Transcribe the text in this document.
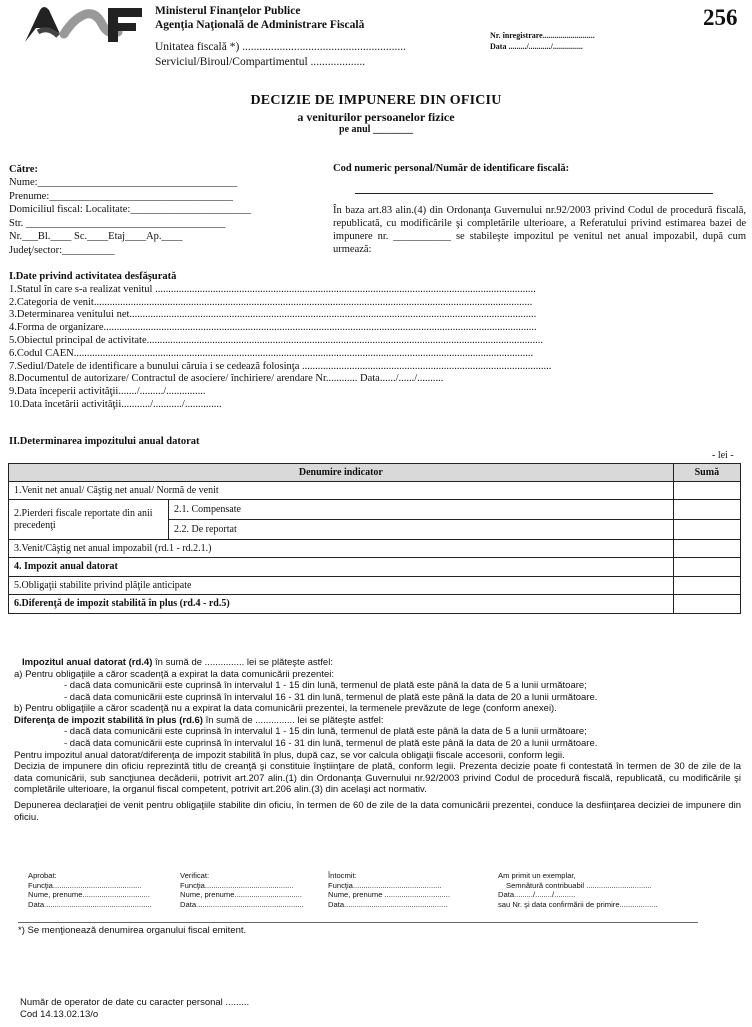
Ministerul Finanţelor Publice
Agenţia Naţională de Administrare Fiscală
Unitatea fiscală *) .........................................................
Serviciul/Biroul/Compartimentul ...................
Nr. înregistrare..........................
Data ........./.........../...............
256
DECIZIE DE IMPUNERE DIN OFICIU
a veniturilor persoanelor fizice
pe anul ________
Către:
Nume:______________________________________
Prenume:___________________________________
Domiciliul fiscal: Localitate:_______________________
Str. ______________________________________
Nr.___Bl.____ Sc.____Etaj____Ap.____
Judeţ/sector:__________
Cod numeric personal/Număr de identificare fiscală:
În baza art.83 alin.(4) din Ordonanţa Guvernului nr.92/2003 privind Codul de procedură fiscală, republicată, cu modificările şi completările ulterioare, a Referatului privind estimarea bazei de impunere nr. ___________ se stabileşte impozitul pe venitul net anual impozabil, după cum urmează:
I.Date privind activitatea desfăşurată
1.Statul în care s-a realizat venitul .................................................................................................................................................
2.Categoria de venit.......................................................................................................................................................................
3.Determinarea venitului net...........................................................................................................................................................
4.Forma de organizare.....................................................................................................................................................................
5.Obiectul principal de activitate.......................................................................................................................................................
6.Codul CAEN...............................................................................................................................................................................
7.Sediul/Datele de identificare a bunului căruia i se cedează folosinţa ...............................................................................................
8.Documentul de autorizare/ Contractul de asociere/ închiriere/ arendare Nr............ Data....../....../..........
9.Data începerii activităţii......./........./...............
10.Data încetării activităţii.........../.........../..............
II.Determinarea impozitului anual datorat
- lei -
Denumire indicator		Sumă
1.Venit net anual/ Câştig net anual/ Normă de venit		
2.Pierderi fiscale reportate din anii precedenţi	2.1. Compensate	
	2.2. De reportat	
3.Venit/Câştig net anual impozabil (rd.1 - rd.2.1.)		
4. Impozit anual datorat		
5.Obligaţii stabilite privind plăţile anticipate		
6.Diferenţă de impozit stabilită în plus (rd.4 - rd.5)		
Impozitul anual datorat (rd.4) în sumă de ............... lei se plăteşte astfel:
a) Pentru obligaţiile a căror scadenţă a expirat la data comunicării prezentei:
- dacă data comunicării este cuprinsă în intervalul 1 - 15 din lună, termenul de plată este până la data de 5 a lunii următoare;
- dacă data comunicării este cuprinsă în intervalul 16 - 31 din lună, termenul de plată este până la data de 20 a lunii următoare.
b) Pentru obligaţiile a căror scadenţă nu a expirat la data comunicării prezentei, la termenele prevăzute de lege (conform anexei).
Diferenţa de impozit stabilită în plus (rd.6) în sumă de ............... lei se plăteşte astfel:
- dacă data comunicării este cuprinsă în intervalul 1 - 15 din lună, termenul de plată este până la data de 5 a lunii următoare;
- dacă data comunicării este cuprinsă în intervalul 16 - 31 din lună, termenul de plată este până la data de 20 a lunii următoare.

Pentru impozitul anual datorat/diferenţa de impozit stabilită în plus, după caz, se vor calcula obligaţii fiscale accesorii, conform legii.

Decizia de impunere din oficiu reprezintă titlu de creanţă şi constituie înştiinţare de plată, conform legii. Prezenta decizie poate fi contestată în termen de 30 de zile de la data comunicării, sub sancţiunea decăderii, potrivit art.207 alin.(1) din Ordonanţa Guvernului nr.92/2003 privind Codul de procedură fiscală, republicată, cu modificările şi completările ulterioare, la organul fiscal competent, potrivit art.206 alin.(3) din acelaşi act normativ.

Depunerea declaraţiei de venit pentru obligaţiile stabilite din oficiu, în termen de 60 de zile de la data comunicării prezentei, conduce la desfiinţarea deciziei de impunere din oficiu.

Aprobat:
Funcţia..........................................
Nume, prenume................................
Data...................................................
Verificat:
Funcţia..........................................
Nume, prenume................................
Data...................................................
Întocmit:
Funcţia..........................................
Nume, prenume ...............................
Data.................................................
Am primit un exemplar,
Semnătură contribuabil ...............................
Data........./......../..........
sau Nr. şi data confirmării de primire..................
*) Se menţionează denumirea organului fiscal emitent.
Număr de operator de date cu caracter personal .........
Cod 14.13.02.13/o
